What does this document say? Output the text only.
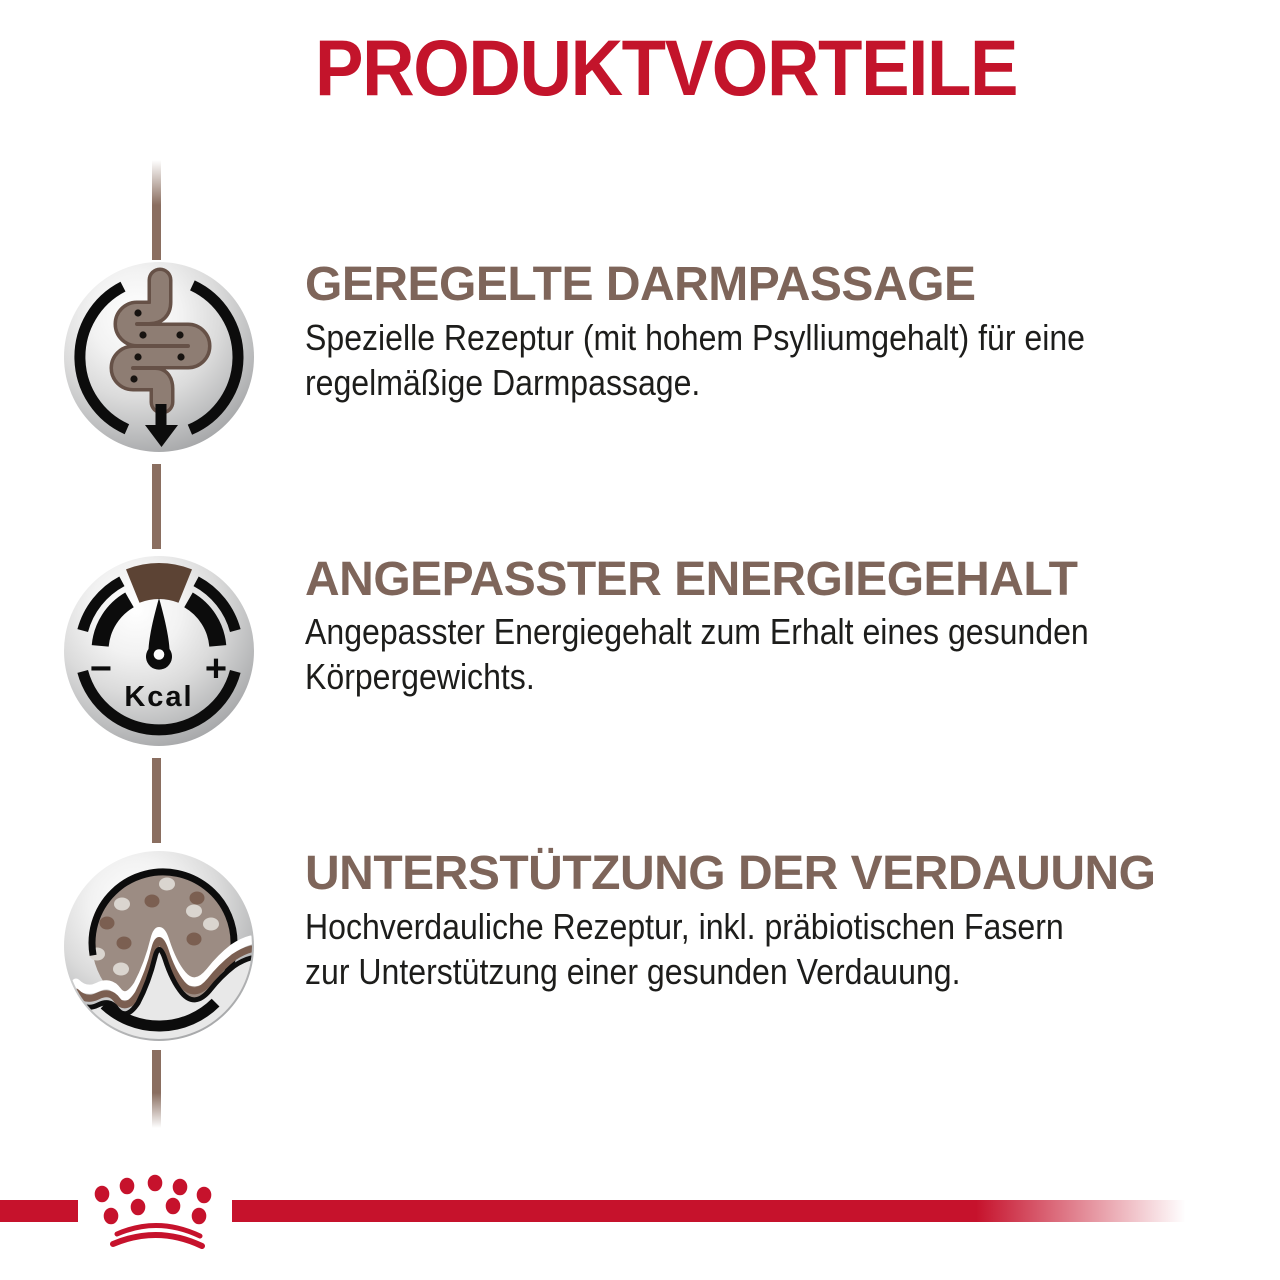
PRODUKTVORTEILE
GEREGELTE DARMPASSAGE
Spezielle Rezeptur (mit hohem Psylliumgehalt) für eine
regelmäßige Darmpassage.
− +
Kcal
ANGEPASSTER ENERGIEGEHALT
Angepasster Energiegehalt zum Erhalt eines gesunden
Körpergewichts.
UNTERSTÜTZUNG DER VERDAUUNG
Hochverdauliche Rezeptur, inkl. präbiotischen Fasern
zur Unterstützung einer gesunden Verdauung.
